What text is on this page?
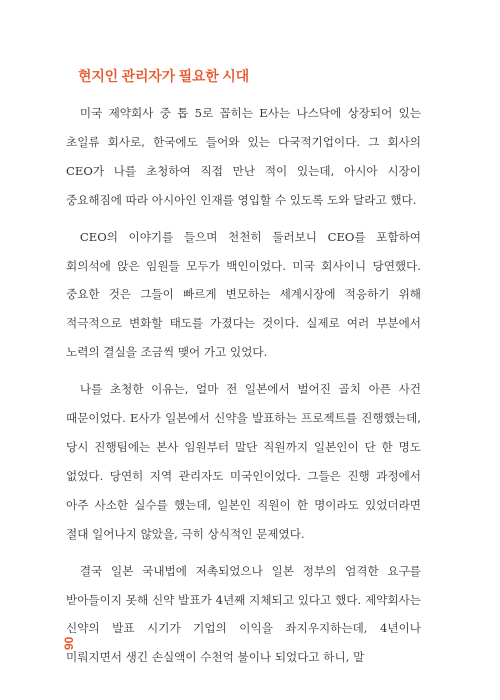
현지인 관리자가 필요한 시대

미국 제약회사 중 톱 5로 꼽히는 E사는 나스닥에 상장되어 있는 초일류 회사로, 한국에도 들어와 있는 다국적기업이다. 그 회사의 CEO가 나를 초청하여 직접 만난 적이 있는데, 아시아 시장이 중요해짐에 따라 아시아인 인재를 영입할 수 있도록 도와 달라고 했다.

CEO의 이야기를 들으며 천천히 둘러보니 CEO를 포함하여 회의석에 앉은 임원들 모두가 백인이었다. 미국 회사이니 당연했다. 중요한 것은 그들이 빠르게 변모하는 세계시장에 적응하기 위해 적극적으로 변화할 태도를 가졌다는 것이다. 실제로 여러 부분에서 노력의 결실을 조금씩 맺어 가고 있었다.

나를 초청한 이유는, 얼마 전 일본에서 벌어진 골치 아픈 사건 때문이었다. E사가 일본에서 신약을 발표하는 프로젝트를 진행했는데, 당시 진행팀에는 본사 임원부터 말단 직원까지 일본인이 단 한 명도 없었다. 당연히 지역 관리자도 미국인이었다. 그들은 진행 과정에서 아주 사소한 실수를 했는데, 일본인 직원이 한 명이라도 있었더라면 절대 일어나지 않았을, 극히 상식적인 문제였다.

결국 일본 국내법에 저촉되었으나 일본 정부의 엄격한 요구를 받아들이지 못해 신약 발표가 4년째 지체되고 있다고 했다. 제약회사는 신약의 발표 시기가 기업의 이익을 좌지우지하는데, 4년이나 미뤄지면서 생긴 손실액이 수천억 불이나 되었다고 하니, 말

90
